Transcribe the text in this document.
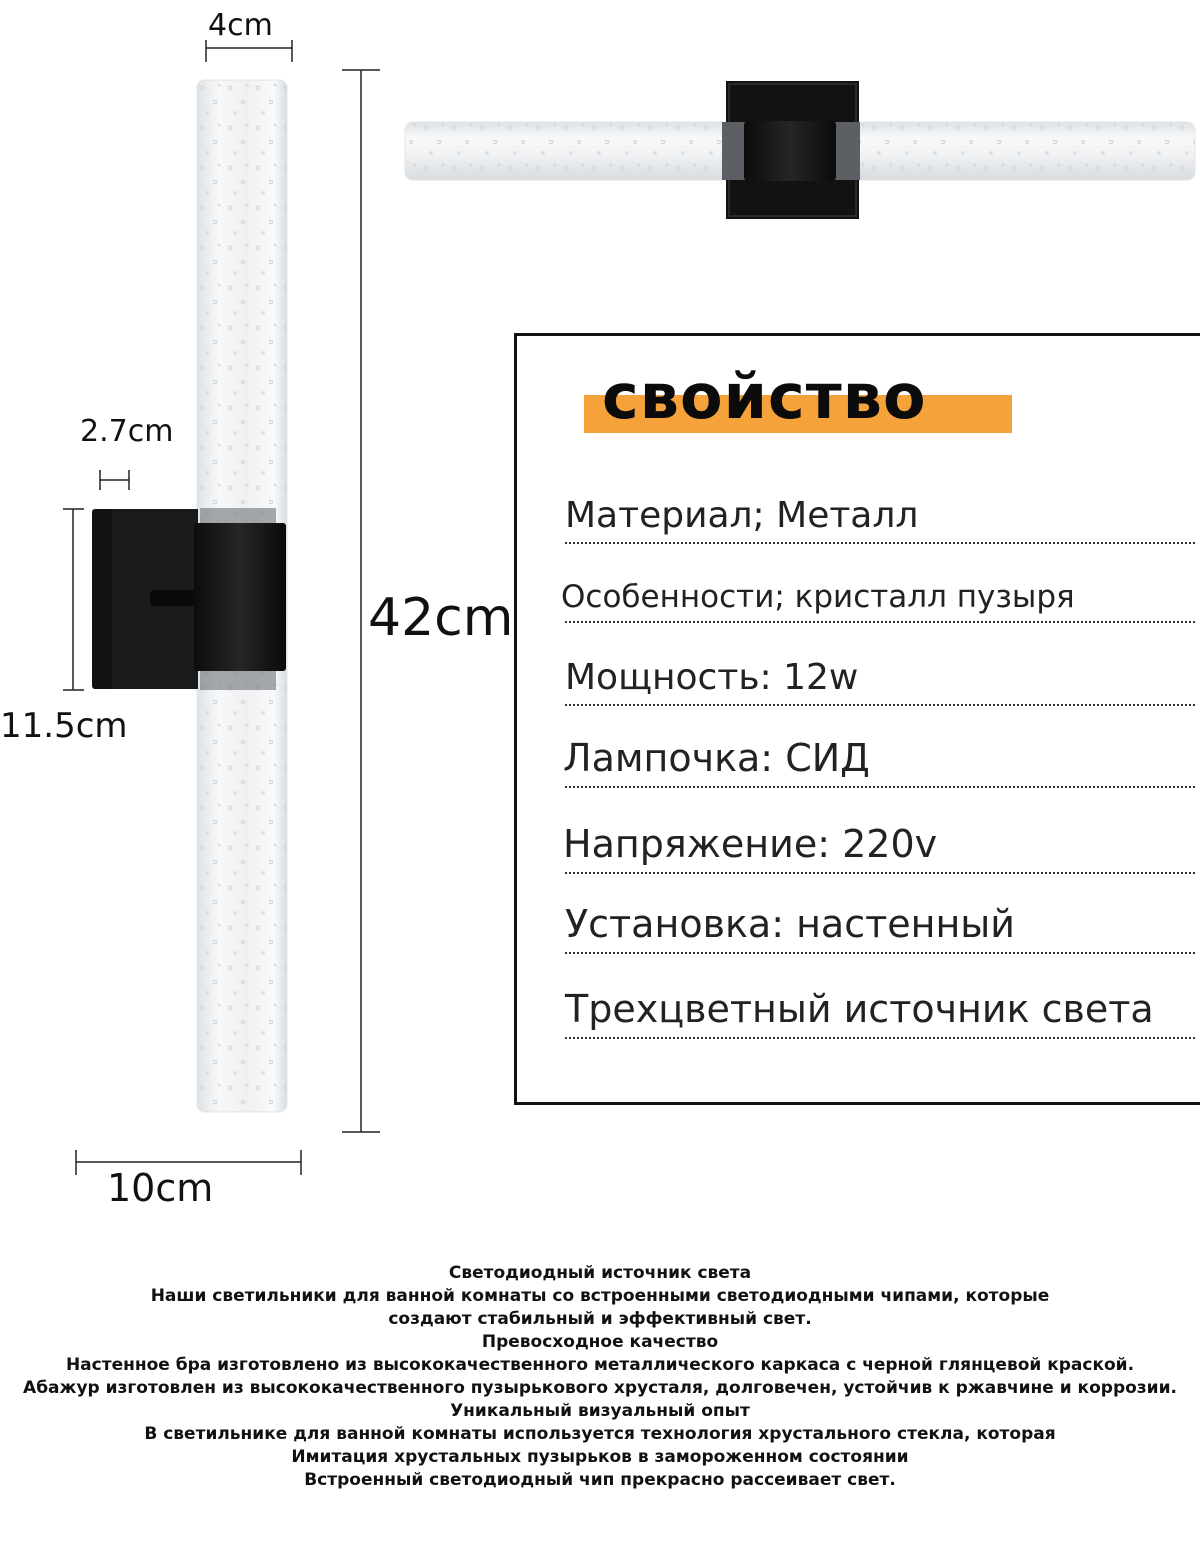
4cm
42cm
2.7cm
11.5cm
10cm
свойство
Материал; Металл
Особенности; кристалл пузыря
Мощность: 12w
Лампочка: СИД
Напряжение: 220v
Установка: настенный
Трехцветный источник света
Светодиодный источник света
Наши светильники для ванной комнаты со встроенными светодиодными чипами, которые
создают стабильный и эффективный свет.
Превосходное качество
Настенное бра изготовлено из высококачественного металлического каркаса с черной глянцевой краской.
Абажур изготовлен из высококачественного пузырькового хрусталя, долговечен, устойчив к ржавчине и коррозии.
Уникальный визуальный опыт
В светильнике для ванной комнаты используется технология хрустального стекла, которая
Имитация хрустальных пузырьков в замороженном состоянии
Встроенный светодиодный чип прекрасно рассеивает свет.
